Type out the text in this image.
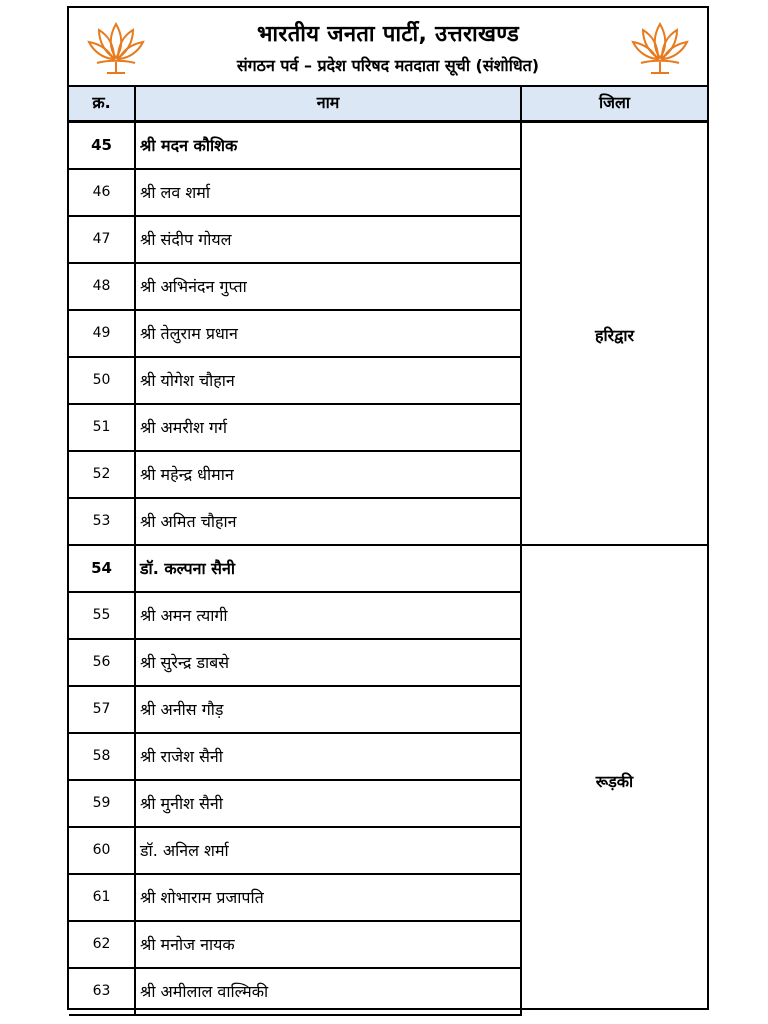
भारतीय जनता पार्टी, उत्तराखण्ड
संगठन पर्व – प्रदेश परिषद मतदाता सूची (संशोधित)
क्र.	नाम	जिला
45	श्री मदन कौशिक
46	श्री लव शर्मा
47	श्री संदीप गोयल
48	श्री अभिनंदन गुप्ता
49	श्री तेलुराम प्रधान
50	श्री योगेश चौहान
51	श्री अमरीश गर्ग
52	श्री महेन्द्र धीमान
53	श्री अमित चौहान
हरिद्वार
54	डॉ. कल्पना सैनी
55	श्री अमन त्यागी
56	श्री सुरेन्द्र डाबसे
57	श्री अनीस गौड़
58	श्री राजेश सैनी
59	श्री मुनीश सैनी
60	डॉ. अनिल शर्मा
61	श्री शोभाराम प्रजापति
62	श्री मनोज नायक
63	श्री अमीलाल वाल्मिकी
रूड़की
